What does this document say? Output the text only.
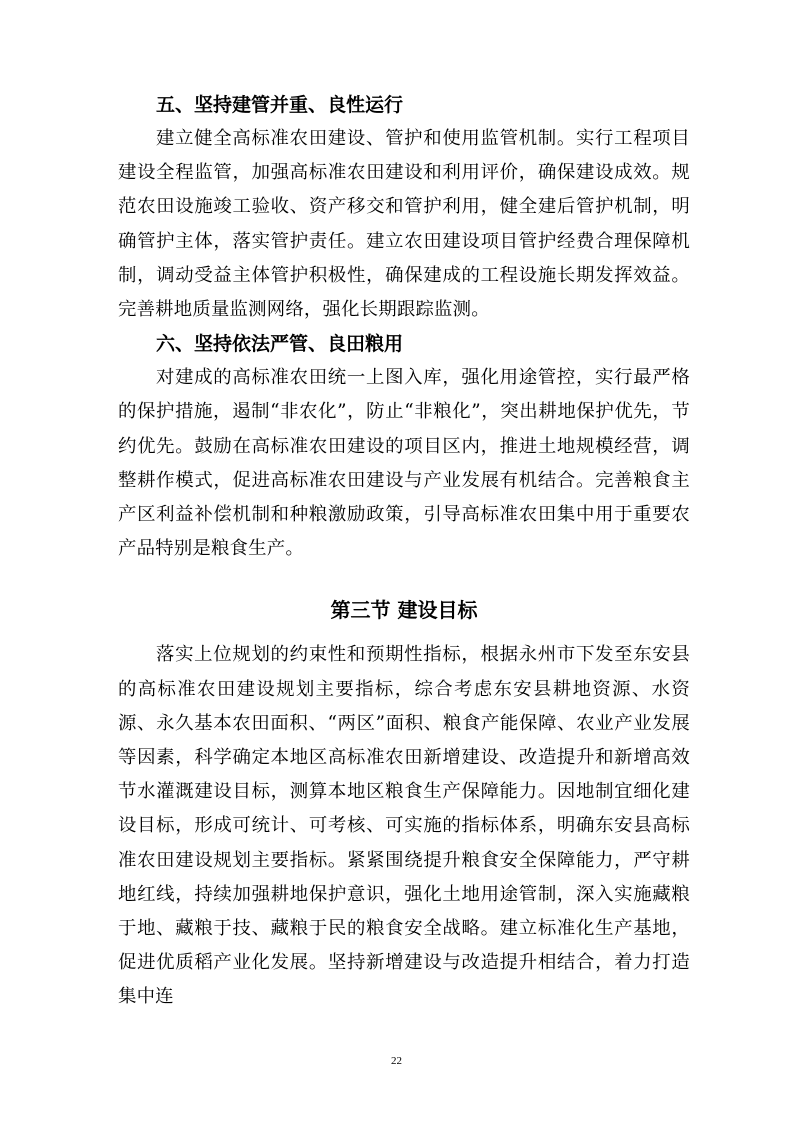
五、坚持建管并重、良性运行

建立健全高标准农田建设、管护和使用监管机制。实行工程项目建设全程监管，加强高标准农田建设和利用评价，确保建设成效。规范农田设施竣工验收、资产移交和管护利用，健全建后管护机制，明确管护主体，落实管护责任。建立农田建设项目管护经费合理保障机制，调动受益主体管护积极性，确保建成的工程设施长期发挥效益。完善耕地质量监测网络，强化长期跟踪监测。

六、坚持依法严管、良田粮用

对建成的高标准农田统一上图入库，强化用途管控，实行最严格的保护措施，遏制“非农化”，防止“非粮化”，突出耕地保护优先，节约优先。鼓励在高标准农田建设的项目区内，推进土地规模经营，调整耕作模式，促进高标准农田建设与产业发展有机结合。完善粮食主产区利益补偿机制和种粮激励政策，引导高标准农田集中用于重要农产品特别是粮食生产。

第三节 建设目标

落实上位规划的约束性和预期性指标，根据永州市下发至东安县的高标准农田建设规划主要指标，综合考虑东安县耕地资源、水资源、永久基本农田面积、“两区”面积、粮食产能保障、农业产业发展等因素，科学确定本地区高标准农田新增建设、改造提升和新增高效节水灌溉建设目标，测算本地区粮食生产保障能力。因地制宜细化建设目标，形成可统计、可考核、可实施的指标体系，明确东安县高标准农田建设规划主要指标。紧紧围绕提升粮食安全保障能力，严守耕地红线，持续加强耕地保护意识，强化土地用途管制，深入实施藏粮于地、藏粮于技、藏粮于民的粮食安全战略。建立标准化生产基地，促进优质稻产业化发展。坚持新增建设与改造提升相结合，着力打造集中连

22
